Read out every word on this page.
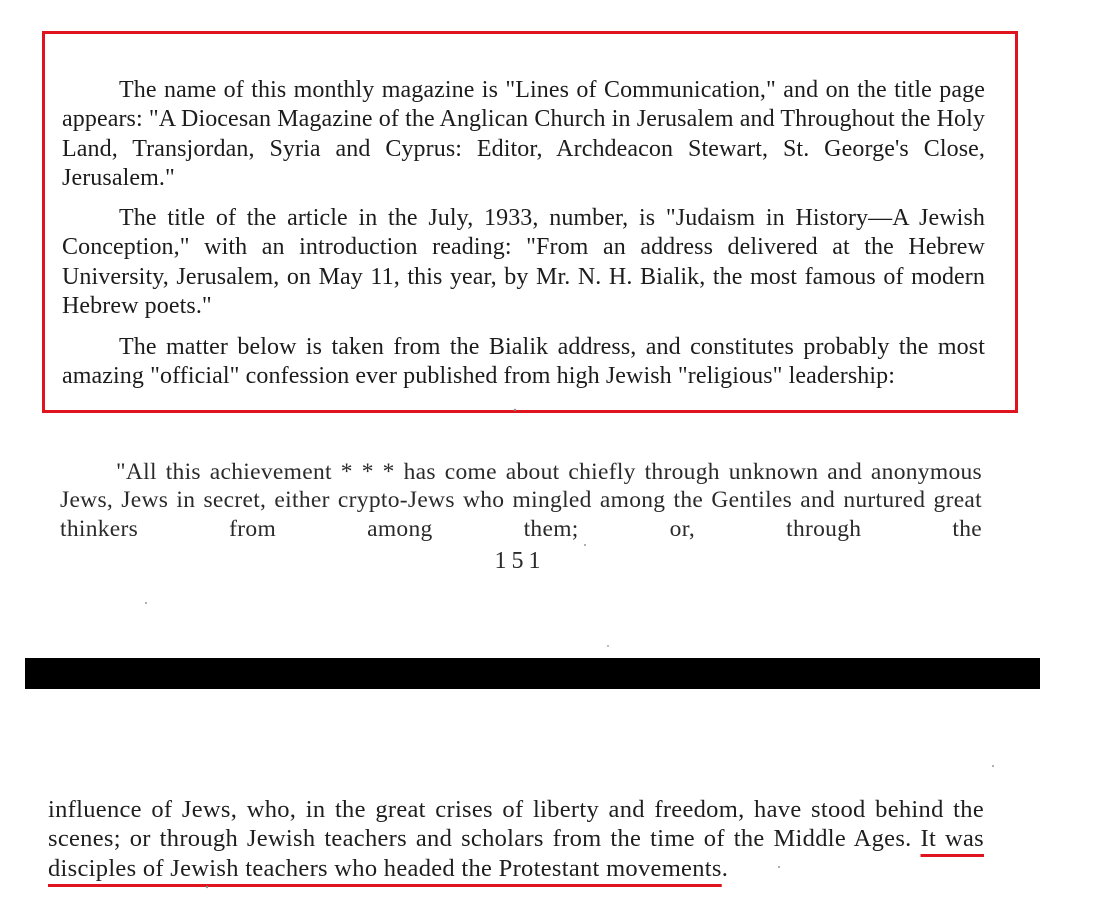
The name of this monthly magazine is "Lines of Communication," and on the title page appears: "A Diocesan Magazine of the Anglican Church in Jerusalem and Throughout the Holy Land, Transjordan, Syria and Cyprus: Editor, Archdeacon Stewart, St. George's Close, Jerusalem."

The title of the article in the July, 1933, number, is "Judaism in History—A Jewish Conception," with an introduction reading: "From an address delivered at the Hebrew University, Jerusalem, on May 11, this year, by Mr. N. H. Bialik, the most famous of modern Hebrew poets."

The matter below is taken from the Bialik address, and constitutes probably the most amazing "official" confession ever published from high Jewish "religious" leadership:

"All this achievement * * * has come about chiefly through unknown and anonymous Jews, Jews in secret, either crypto-Jews who mingled among the Gentiles and nurtured great thinkers from among them; or, through the

151

influence of Jews, who, in the great crises of liberty and freedom, have stood behind the scenes; or through Jewish teachers and scholars from the time of the Middle Ages. It was disciples of Jewish teachers who headed the Protestant movements.
